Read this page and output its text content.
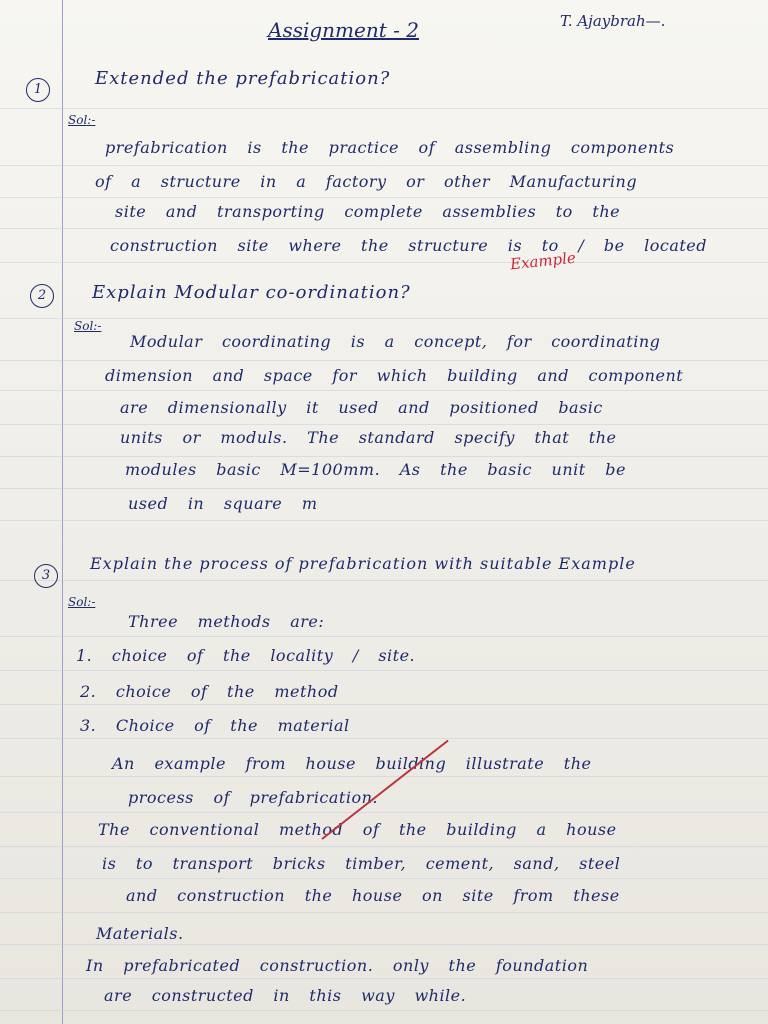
Assignment - 2	T. Ajaybrah—.
1
Extended the prefabrication?
Sol:-
prefabrication is the practice of assembling components
of a structure in a factory or other Manufacturing
site and transporting complete assemblies to the
construction site where the structure is to / be located
Example
2	Explain Modular co-ordination?
Sol:-
Modular coordinating is a concept, for coordinating
dimension and space for which building and component
are dimensionally it used and positioned basic
units or moduls. The standard specify that the
modules basic M=100mm. As the basic unit be
used in square m
3
Explain the process of prefabrication with suitable Example
Sol:-
Three methods are:
1. choice of the locality / site.
2. choice of the method
3. Choice of the material
An example from house building illustrate the
process of prefabrication.
The conventional method of the building a house
is to transport bricks timber, cement, sand, steel
and construction the house on site from these
Materials.
In prefabricated construction. only the foundation
are constructed in this way while.
